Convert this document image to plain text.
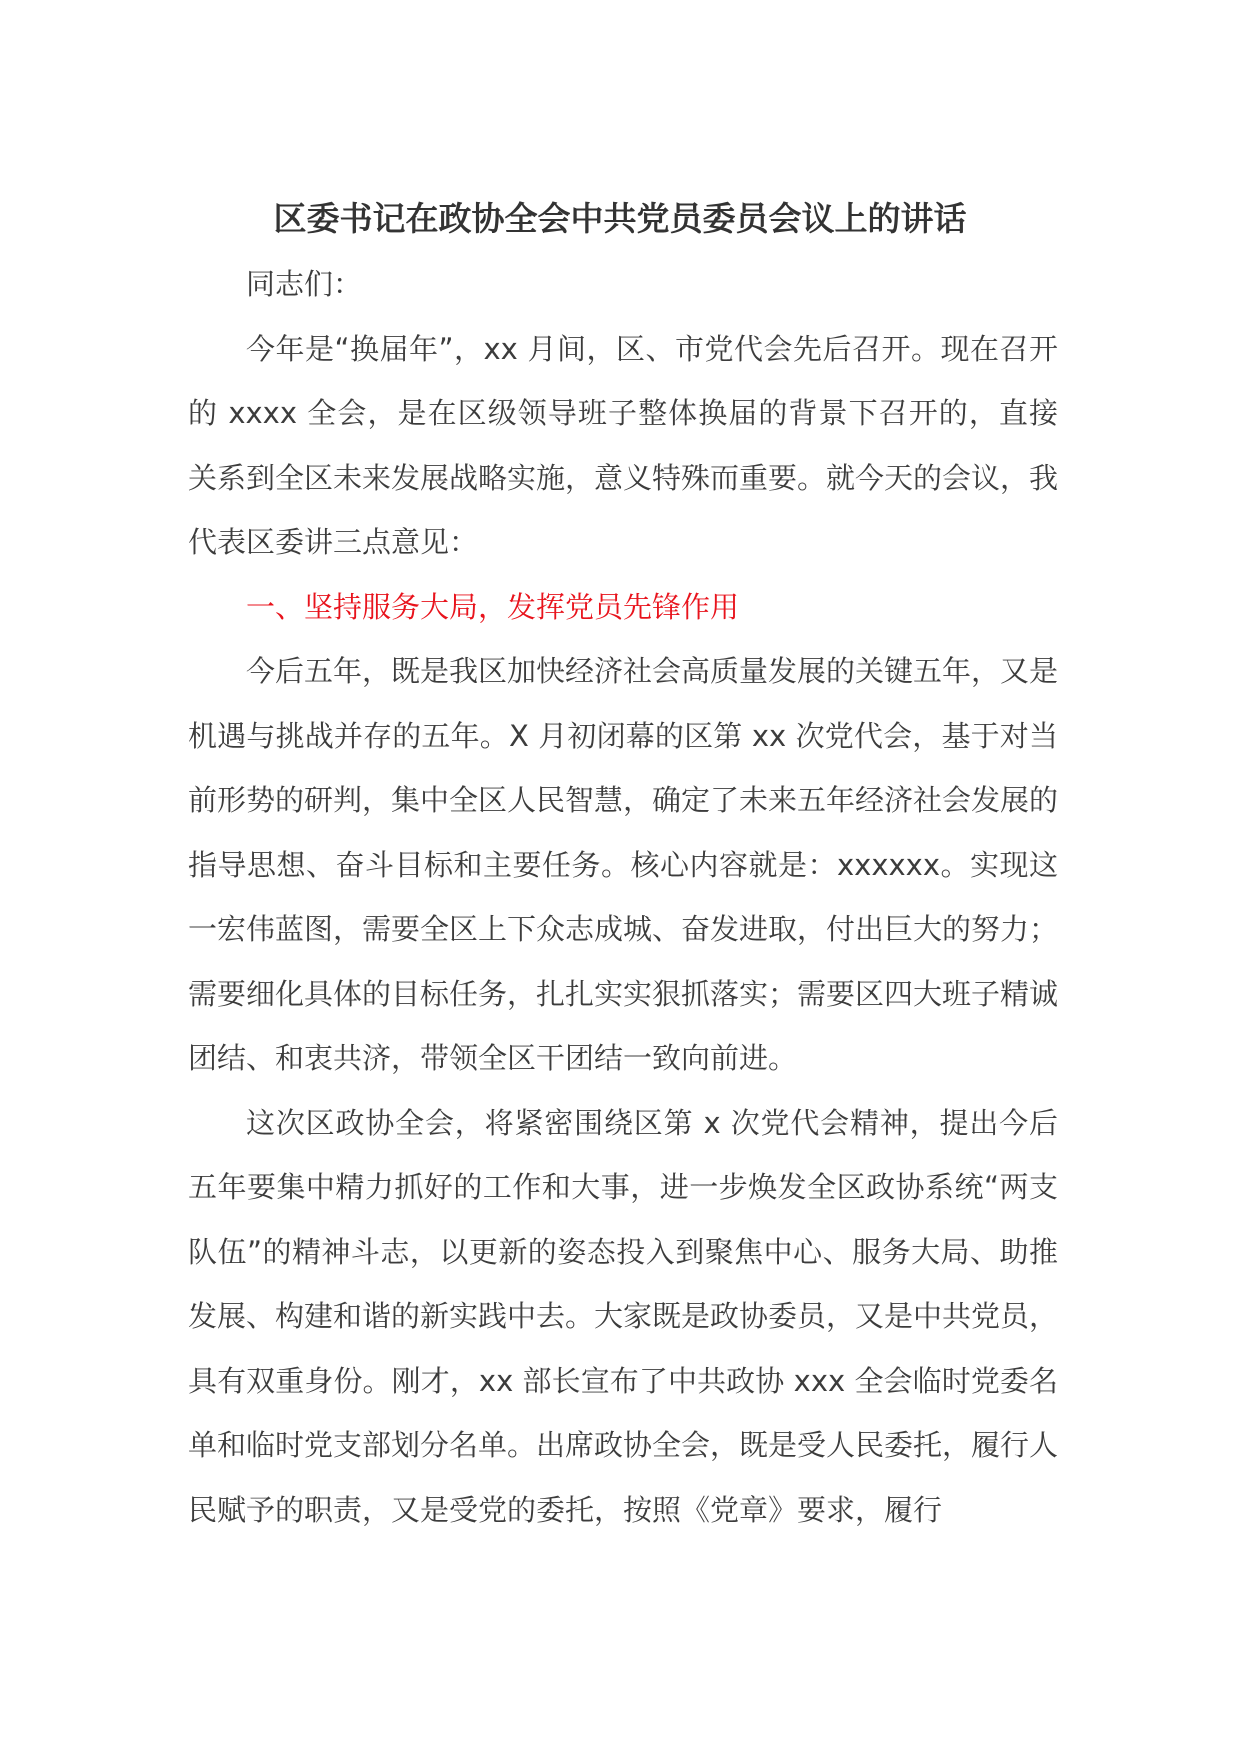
区委书记在政协全会中共党员委员会议上的讲话

同志们：

今年是“换届年”，xx 月间，区、市党代会先后召开。现在召开的 xxxx 全会，是在区级领导班子整体换届的背景下召开的，直接关系到全区未来发展战略实施，意义特殊而重要。就今天的会议，我代表区委讲三点意见：

一、坚持服务大局，发挥党员先锋作用

今后五年，既是我区加快经济社会高质量发展的关键五年，又是机遇与挑战并存的五年。X 月初闭幕的区第 xx 次党代会，基于对当前形势的研判，集中全区人民智慧，确定了未来五年经济社会发展的指导思想、奋斗目标和主要任务。核心内容就是：xxxxxx。实现这一宏伟蓝图，需要全区上下众志成城、奋发进取，付出巨大的努力；需要细化具体的目标任务，扎扎实实狠抓落实；需要区四大班子精诚团结、和衷共济，带领全区干团结一致向前进。

这次区政协全会，将紧密围绕区第 x 次党代会精神，提出今后五年要集中精力抓好的工作和大事，进一步焕发全区政协系统“两支队伍”的精神斗志，以更新的姿态投入到聚焦中心、服务大局、助推发展、构建和谐的新实践中去。大家既是政协委员，又是中共党员，具有双重身份。刚才，xx 部长宣布了中共政协 xxx 全会临时党委名单和临时党支部划分名单。出席政协全会，既是受人民委托，履行人民赋予的职责，又是受党的委托，按照《党章》要求，履行
